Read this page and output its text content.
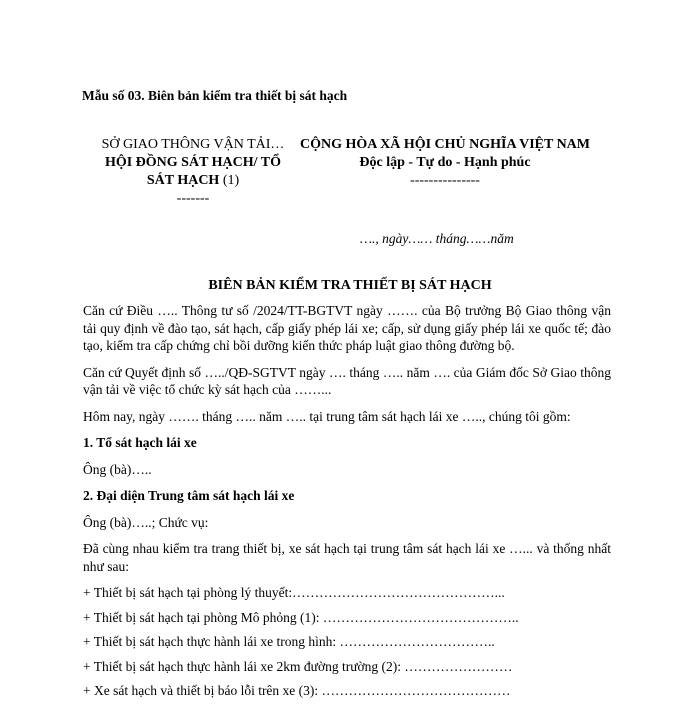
Mẫu số 03. Biên bản kiểm tra thiết bị sát hạch
SỞ GIAO THÔNG VẬN TẢI…
HỘI ĐỒNG SÁT HẠCH/ TỔ SÁT HẠCH (1)
-------
CỘNG HÒA XÃ HỘI CHỦ NGHĨA VIỆT NAM
Độc lập - Tự do - Hạnh phúc
---------------
…., ngày…… tháng……năm
BIÊN BẢN KIỂM TRA THIẾT BỊ SÁT HẠCH

Căn cứ Điều ….. Thông tư số /2024/TT-BGTVT ngày ……. của Bộ trưởng Bộ Giao thông vận tải quy định về đào tạo, sát hạch, cấp giấy phép lái xe; cấp, sử dụng giấy phép lái xe quốc tế; đào tạo, kiểm tra cấp chứng chỉ bồi dưỡng kiến thức pháp luật giao thông đường bộ.

Căn cứ Quyết định số …../QĐ-SGTVT ngày …. tháng ….. năm …. của Giám đốc Sở Giao thông vận tải về việc tổ chức kỳ sát hạch của ……...

Hôm nay, ngày ……. tháng ….. năm ….. tại trung tâm sát hạch lái xe ….., chúng tôi gồm:

1. Tổ sát hạch lái xe

Ông (bà)…..

2. Đại diện Trung tâm sát hạch lái xe

Ông (bà)…..; Chức vụ:

Đã cùng nhau kiểm tra trang thiết bị, xe sát hạch tại trung tâm sát hạch lái xe …... và thống nhất như sau:

+ Thiết bị sát hạch tại phòng lý thuyết:………………………………………...
+ Thiết bị sát hạch tại phòng Mô phỏng (1): ……………………………………..
+ Thiết bị sát hạch thực hành lái xe trong hình: ……………………………..
+ Thiết bị sát hạch thực hành lái xe 2km đường trường (2): ……………………
+ Xe sát hạch và thiết bị báo lỗi trên xe (3): ……………………………………
